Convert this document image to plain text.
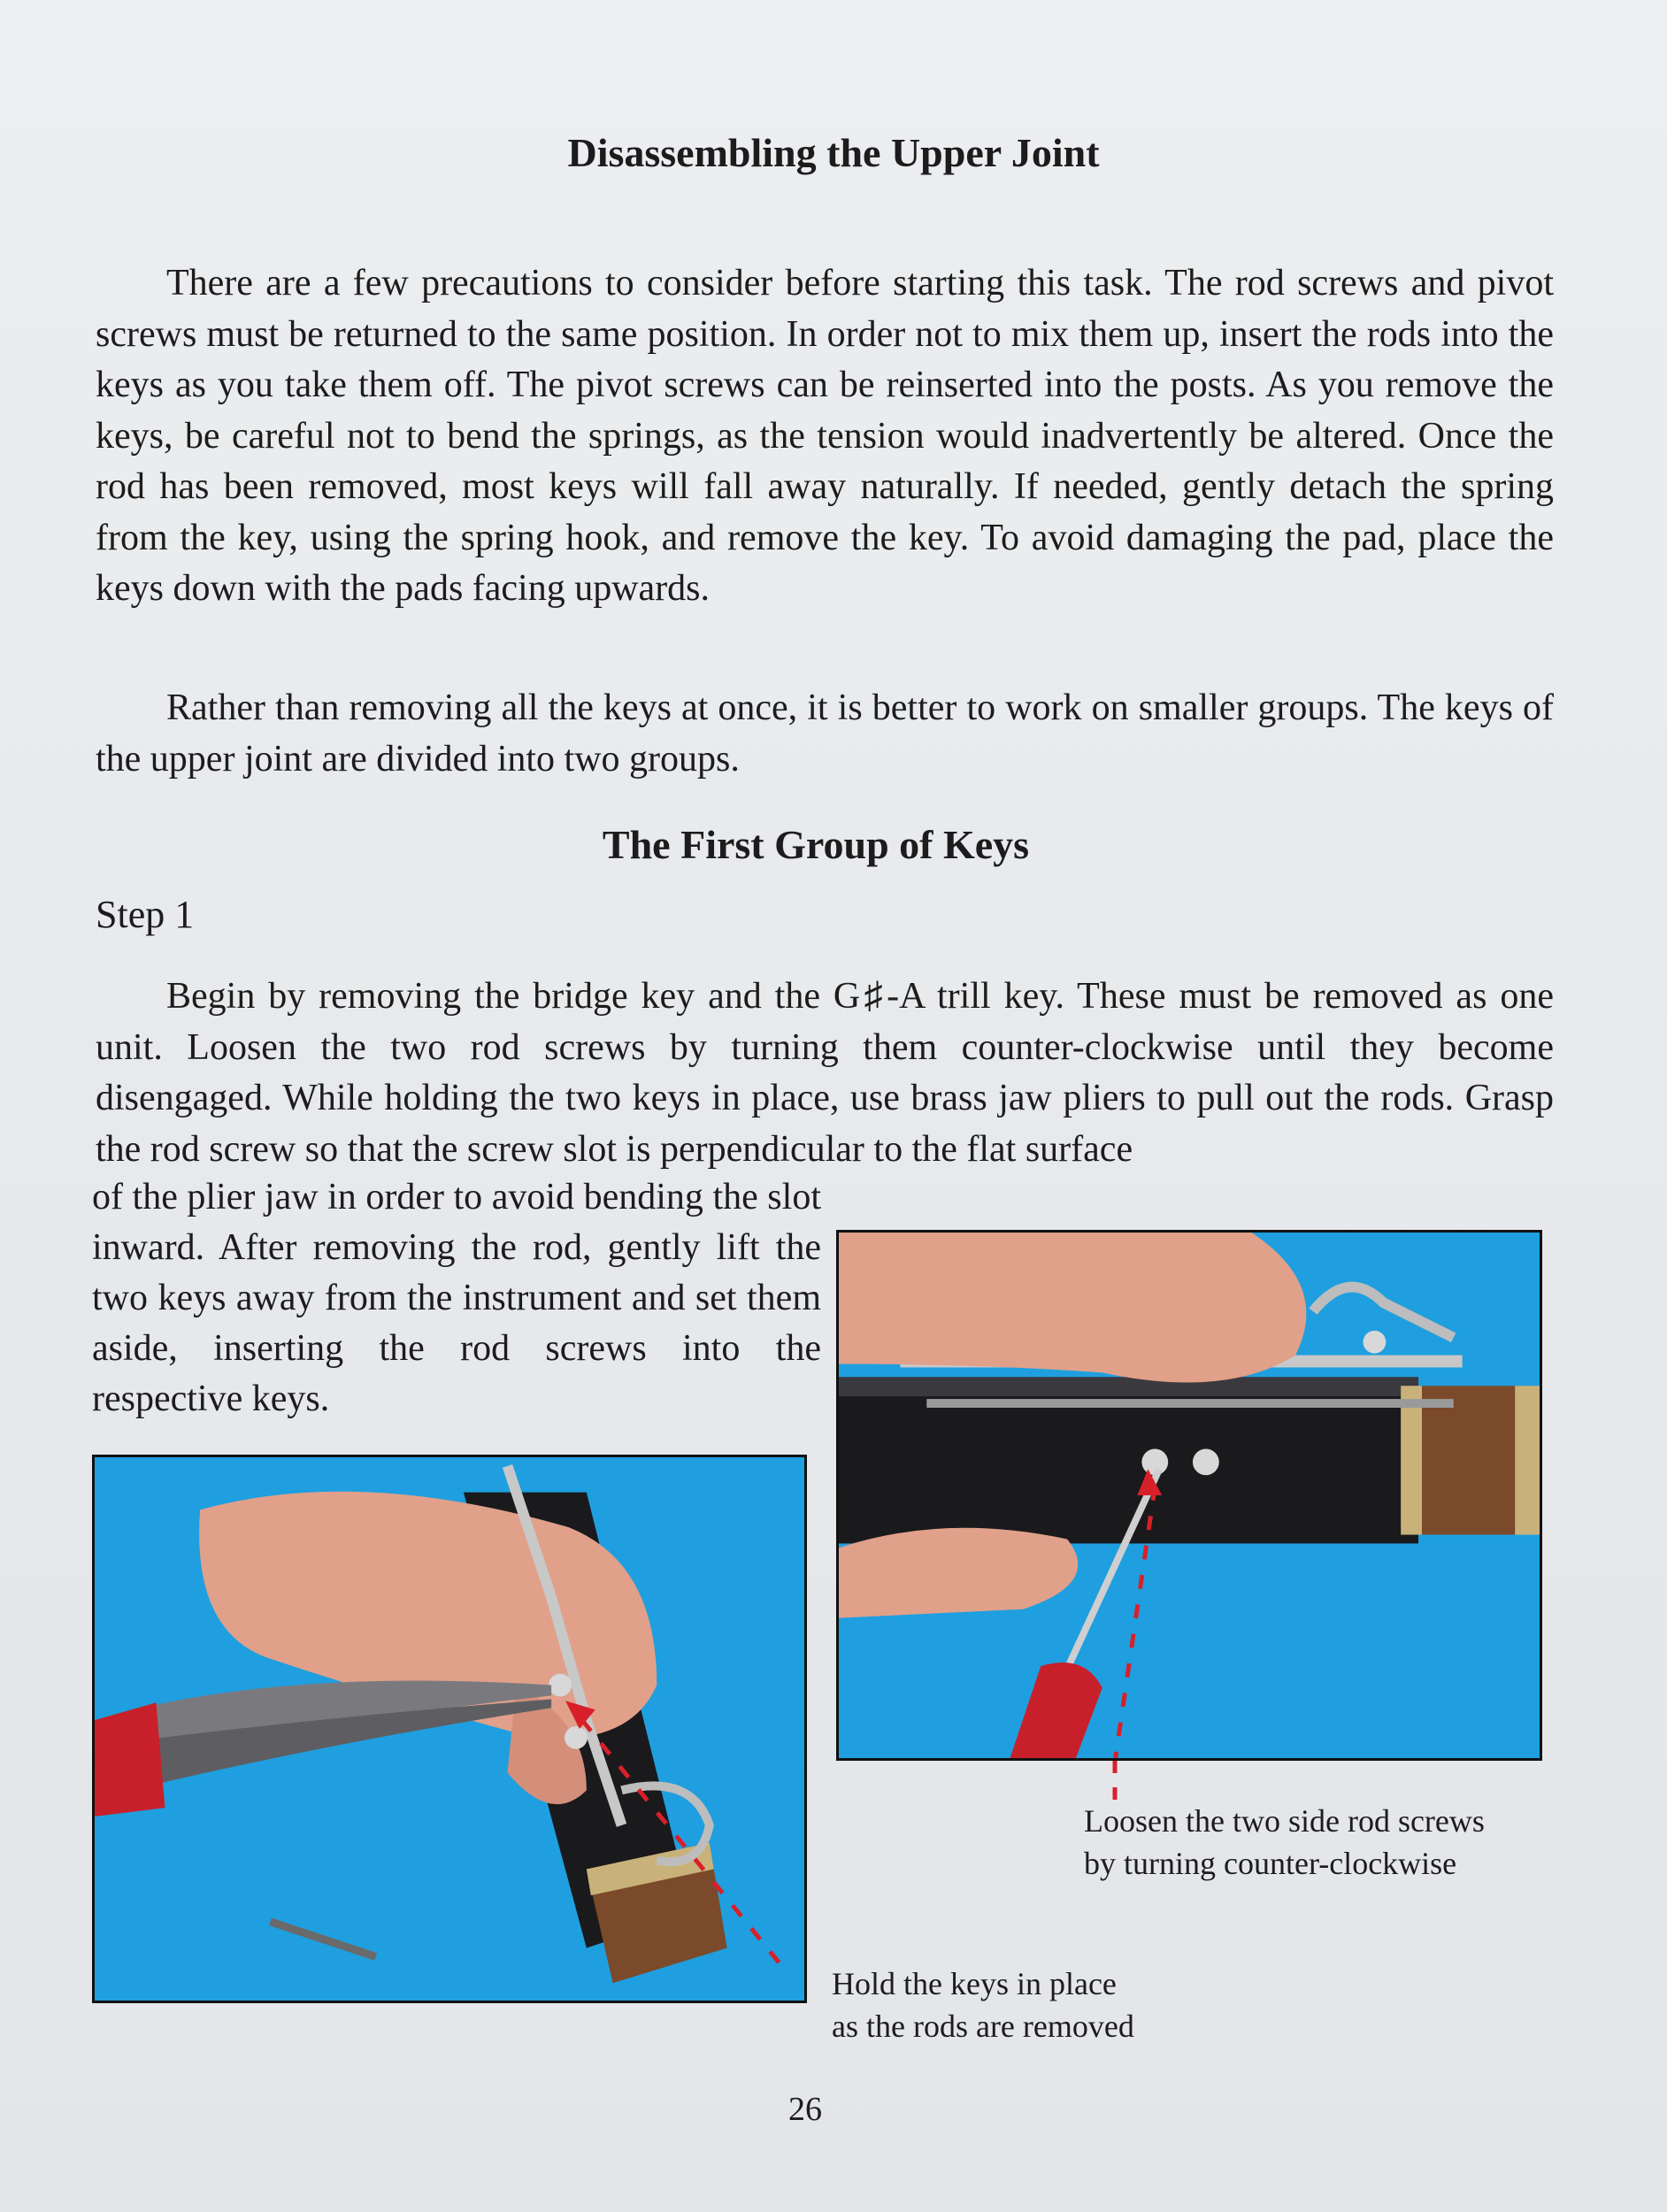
Disassembling the Upper Joint

There are a few precautions to consider before starting this task. The rod screws and pivot screws must be returned to the same position. In order not to mix them up, insert the rods into the keys as you take them off. The pivot screws can be reinserted into the posts. As you remove the keys, be careful not to bend the springs, as the tension would inadvertently be altered. Once the rod has been removed, most keys will fall away naturally. If needed, gently detach the spring from the key, using the spring hook, and remove the key. To avoid damaging the pad, place the keys down with the pads facing upwards.

Rather than removing all the keys at once, it is better to work on smaller groups. The keys of the upper joint are divided into two groups.

The First Group of Keys

Step 1

Begin by removing the bridge key and the G♯-A trill key. These must be removed as one unit. Loosen the two rod screws by turning them counter-clockwise until they become disengaged. While holding the two keys in place, use brass jaw pliers to pull out the rods. Grasp the rod screw so that the screw slot is perpendicular to the flat surface

of the plier jaw in order to avoid bending the slot inward. After removing the rod, gently lift the two keys away from the instrument and set them aside, inserting the rod screws into the respective keys.

Loosen the two side rod screws
by turning counter-clockwise

Hold the keys in place
as the rods are removed

26
